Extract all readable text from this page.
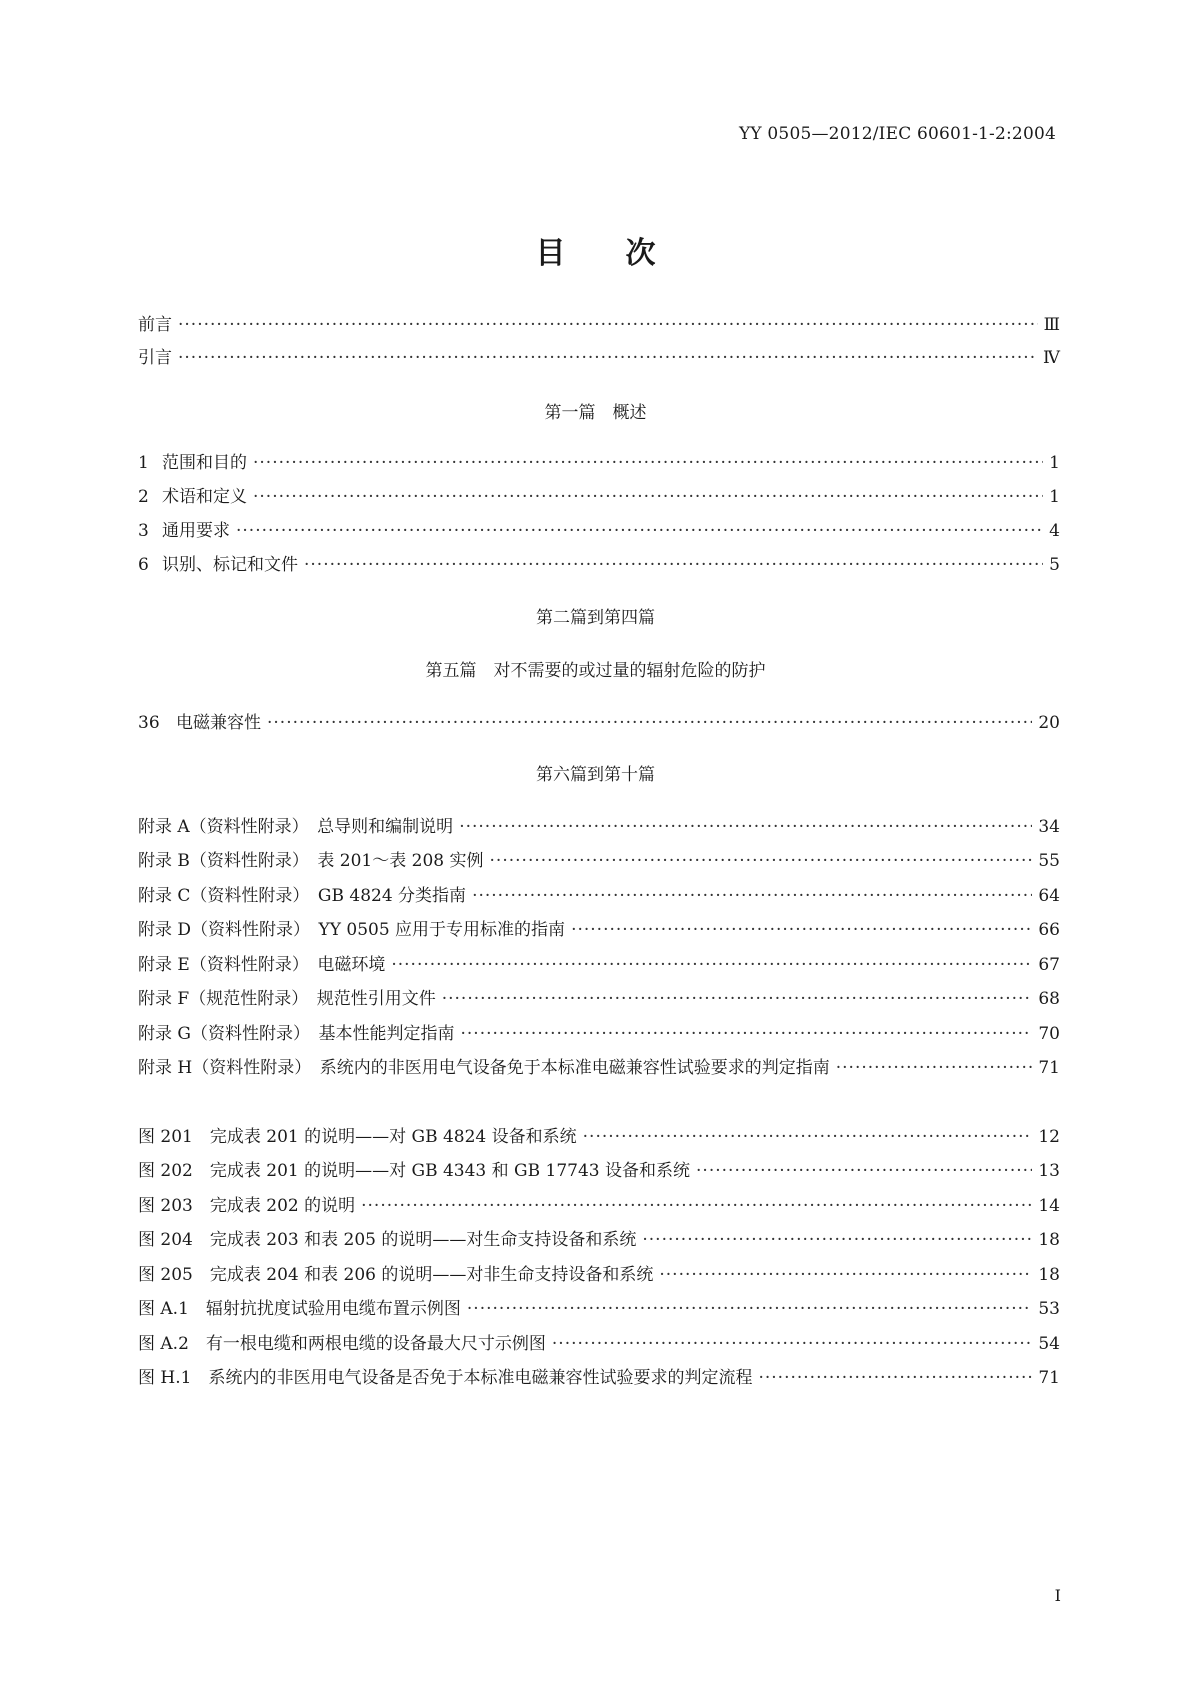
YY 0505—2012/IEC 60601-1-2:2004
目 次
前言 ·····	Ⅲ
引言 ·····	Ⅳ
1 范围和目的 ·····	1
2 术语和定义 ·····	1
3 通用要求 ·····	4
6 识别、标记和文件 ·····	5
36 电磁兼容性 ·····	20
附录 A（资料性附录）　总导则和编制说明 ·····	34
附录 B（资料性附录）　表 201～表 208 实例 ·····	55
附录 C（资料性附录）　GB 4824 分类指南 ·····	64
附录 D（资料性附录）　YY 0505 应用于专用标准的指南 ·····	66
附录 E（资料性附录）　电磁环境 ·····	67
附录 F（规范性附录）　规范性引用文件 ·····	68
附录 G（资料性附录）　基本性能判定指南 ·····	70
附录 H（资料性附录）　系统内的非医用电气设备免于本标准电磁兼容性试验要求的判定指南 ·····	71
图 201　完成表 201 的说明——对 GB 4824 设备和系统 ·····	12
图 202　完成表 201 的说明——对 GB 4343 和 GB 17743 设备和系统 ·····	13
图 203　完成表 202 的说明 ·····	14
图 204　完成表 203 和表 205 的说明——对生命支持设备和系统 ·····	18
图 205　完成表 204 和表 206 的说明——对非生命支持设备和系统 ·····	18
图 A.1　辐射抗扰度试验用电缆布置示例图 ·····	53
图 A.2　有一根电缆和两根电缆的设备最大尺寸示例图 ·····	54
图 H.1　系统内的非医用电气设备是否免于本标准电磁兼容性试验要求的判定流程 ·····	71
第一篇　概述
第二篇到第四篇
第五篇　对不需要的或过量的辐射危险的防护
第六篇到第十篇
I
